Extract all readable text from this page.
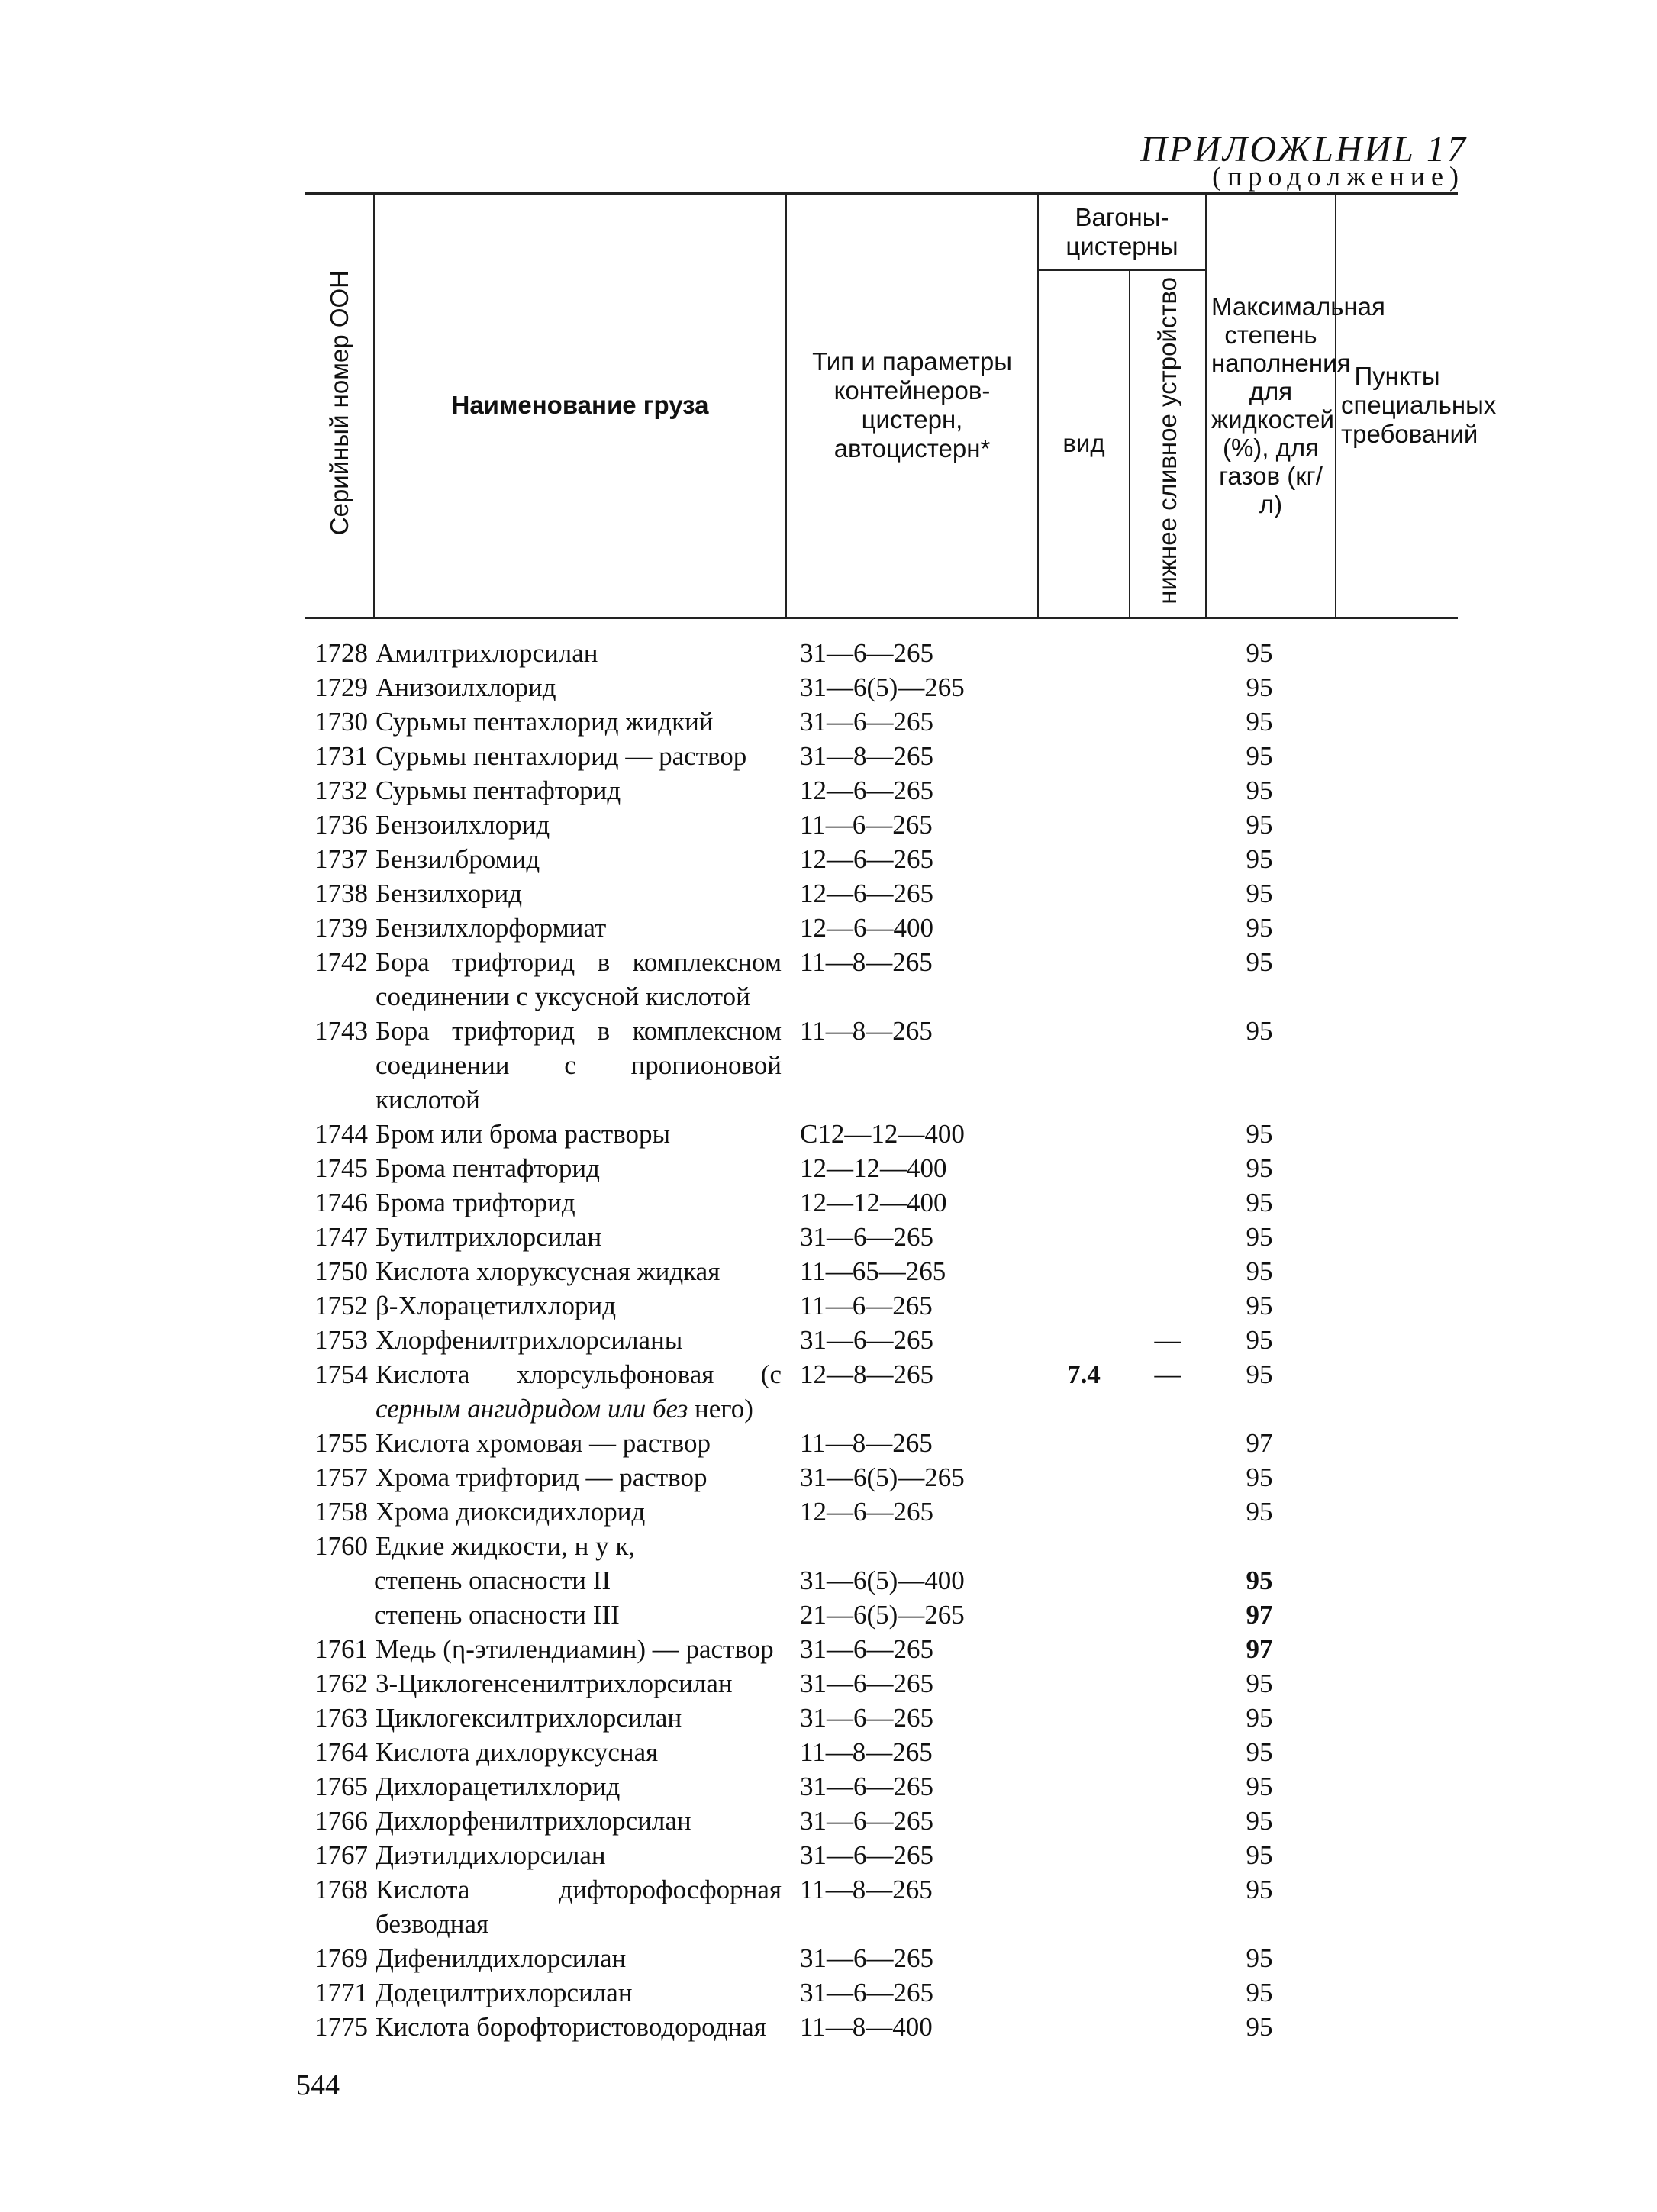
ПРИЛОЖLНИL 17
(продолжение)
Серийный номер ООН	Наименование груза	Тип и параметры контейнеров-цистерн, автоцистерн*	Вагоны-цистерны		Максимальная степень наполнения для жидкостей (%), для газов (кг/л)	Пункты специальных требований
			вид	нижнее сливное устройство		
1728	Амилтрихлорсилан	31—6—265			95	
1729	Анизоилхлорид	31—6(5)—265			95	
1730	Сурьмы пентахлорид жидкий	31—6—265			95	
1731	Сурьмы пентахлорид — раствор	31—8—265			95	
1732	Сурьмы пентафторид	12—6—265			95	
1736	Бензоилхлорид	11—6—265			95	
1737	Бензилбромид	12—6—265			95	
1738	Бензилхорид	12—6—265			95	
1739	Бензилхлорформиат	12—6—400			95	
1742	Бора трифторид в комплексном соединении с уксусной кислотой	11—8—265			95	
1743	Бора трифторид в комплексном соединении с пропионовой кислотой	11—8—265			95	
1744	Бром или брома растворы	С12—12—400			95	
1745	Брома пентафторид	12—12—400			95	
1746	Брома трифторид	12—12—400			95	
1747	Бутилтрихлорсилан	31—6—265			95	
1750	Кислота хлоруксусная жидкая	11—65—265			95	
1752	β-Хлорацетилхлорид	11—6—265			95	
1753	Хлорфенилтрихлорсиланы	31—6—265		—	95	
1754	Кислота хлорсульфоновая (с серным ангидридом или без него)	12—8—265	7.4	—	95	
1755	Кислота хромовая — раствор	11—8—265			97	
1757	Хрома трифторид — раствор	31—6(5)—265			95	
1758	Хрома диоксидихлорид	12—6—265			95	
1760	Едкие жидкости, н у к,					
	степень опасности II	31—6(5)—400			95	
	степень опасности III	21—6(5)—265			97	
1761	Медь (η-этилендиамин) — раствор	31—6—265			97	
1762	3-Циклогенсенилтрихлорсилан	31—6—265			95	
1763	Циклогексилтрихлорсилан	31—6—265			95	
1764	Кислота дихлоруксусная	11—8—265			95	
1765	Дихлорацетилхлорид	31—6—265			95	
1766	Дихлорфенилтрихлорсилан	31—6—265			95	
1767	Диэтилдихлорсилан	31—6—265			95	
1768	Кислота дифторофосфорная безводная	11—8—265			95	
1769	Дифенилдихлорсилан	31—6—265			95	
1771	Додецилтрихлорсилан	31—6—265			95	
1775	Кислота борофтористоводородная	11—8—400			95	
544
